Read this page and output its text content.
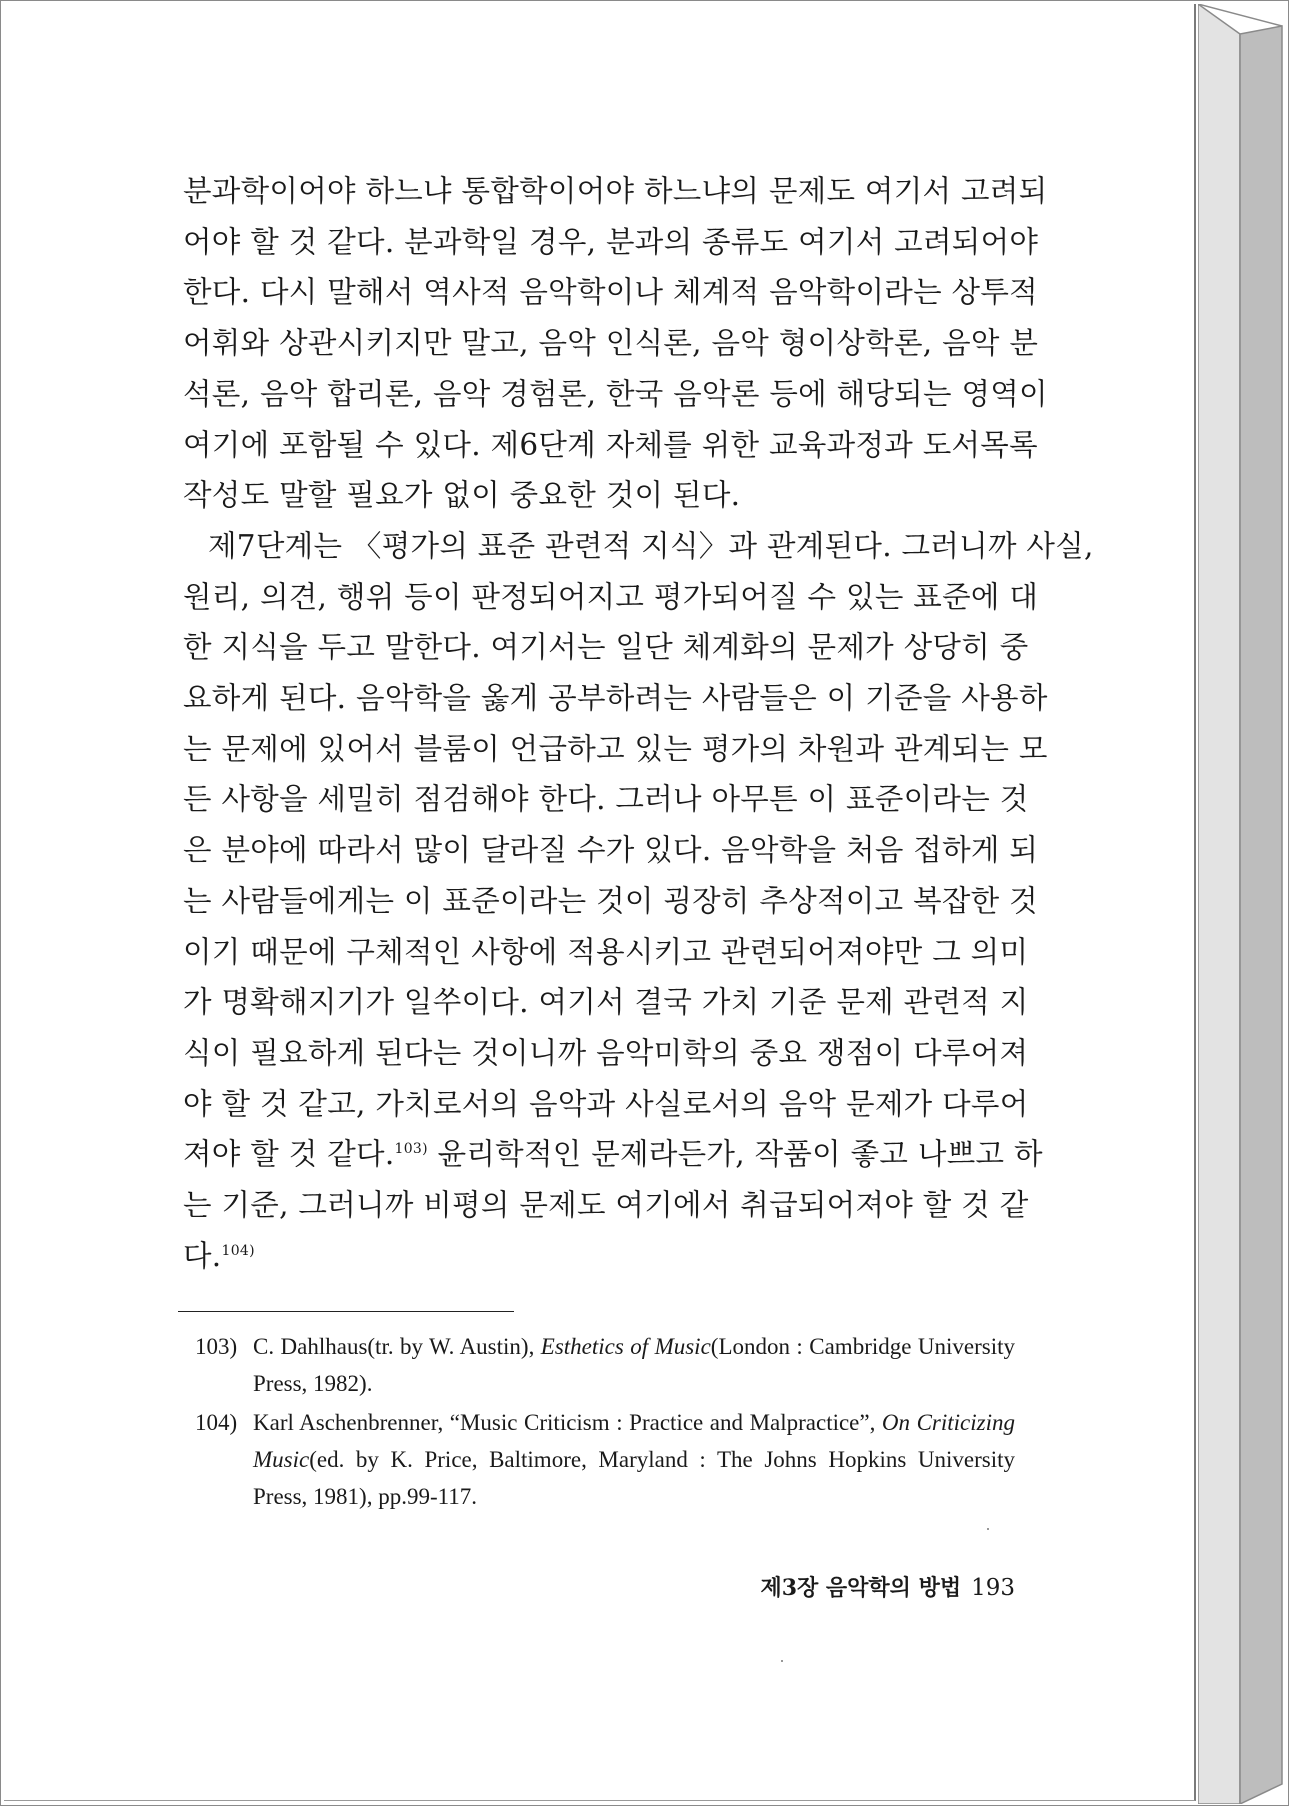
분과학이어야 하느냐 통합학이어야 하느냐의 문제도 여기서 고려되
어야 할 것 같다. 분과학일 경우, 분과의 종류도 여기서 고려되어야
한다. 다시 말해서 역사적 음악학이나 체계적 음악학이라는 상투적
어휘와 상관시키지만 말고, 음악 인식론, 음악 형이상학론, 음악 분
석론, 음악 합리론, 음악 경험론, 한국 음악론 등에 해당되는 영역이
여기에 포함될 수 있다. 제6단계 자체를 위한 교육과정과 도서목록
작성도 말할 필요가 없이 중요한 것이 된다.
제7단계는 〈평가의 표준 관련적 지식〉과 관계된다. 그러니까 사실,
원리, 의견, 행위 등이 판정되어지고 평가되어질 수 있는 표준에 대
한 지식을 두고 말한다. 여기서는 일단 체계화의 문제가 상당히 중
요하게 된다. 음악학을 옳게 공부하려는 사람들은 이 기준을 사용하
는 문제에 있어서 블룸이 언급하고 있는 평가의 차원과 관계되는 모
든 사항을 세밀히 점검해야 한다. 그러나 아무튼 이 표준이라는 것
은 분야에 따라서 많이 달라질 수가 있다. 음악학을 처음 접하게 되
는 사람들에게는 이 표준이라는 것이 굉장히 추상적이고 복잡한 것
이기 때문에 구체적인 사항에 적용시키고 관련되어져야만 그 의미
가 명확해지기가 일쑤이다. 여기서 결국 가치 기준 문제 관련적 지
식이 필요하게 된다는 것이니까 음악미학의 중요 쟁점이 다루어져
야 할 것 같고, 가치로서의 음악과 사실로서의 음악 문제가 다루어
져야 할 것 같다.$^{103)}$ 윤리학적인 문제라든가, 작품이 좋고 나쁘고 하
는 기준, 그러니까 비평의 문제도 여기에서 취급되어져야 할 것 같
다.$^{104)}$
103) C. Dahlhaus(tr. by W. Austin), Esthetics of Music(London : Cambridge University Press, 1982).
104) Karl Aschenbrenner, “Music Criticism : Practice and Malpractice”, On Criticizing Music(ed. by K. Price, Baltimore, Maryland : The Johns Hopkins University Press, 1981), pp.99-117.
제3장 음악학의 방법 193
